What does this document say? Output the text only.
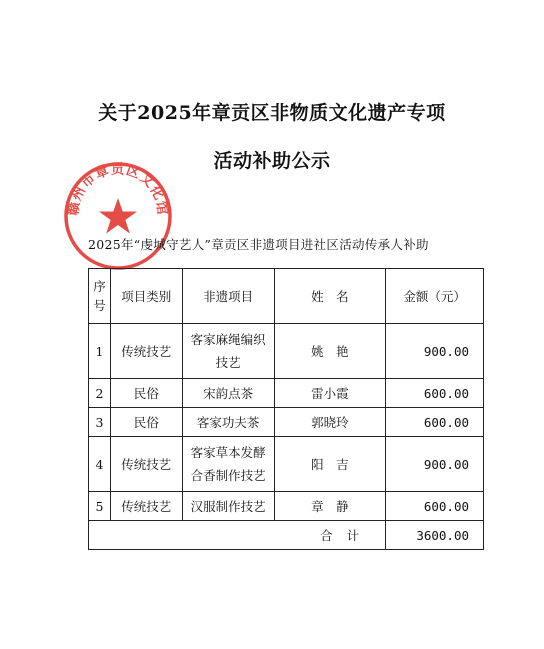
关于2025年章贡区非物质文化遗产专项
活动补助公示
赣州市章贡区文化馆
2025年“虔城守艺人”章贡区非遗项目进社区活动传承人补助
序号	项目类别	非遗项目	姓　名	金额（元）
1	传统技艺	客家麻绳编织技艺	姚　艳	900.00
2	民俗	宋韵点茶	雷小霞	600.00
3	民俗	客家功夫茶	郭晓玲	600.00
4	传统技艺	客家草本发酵合香制作技艺	阳　吉	900.00
5	传统技艺	汉服制作技艺	章　静	600.00
合计				3600.00
